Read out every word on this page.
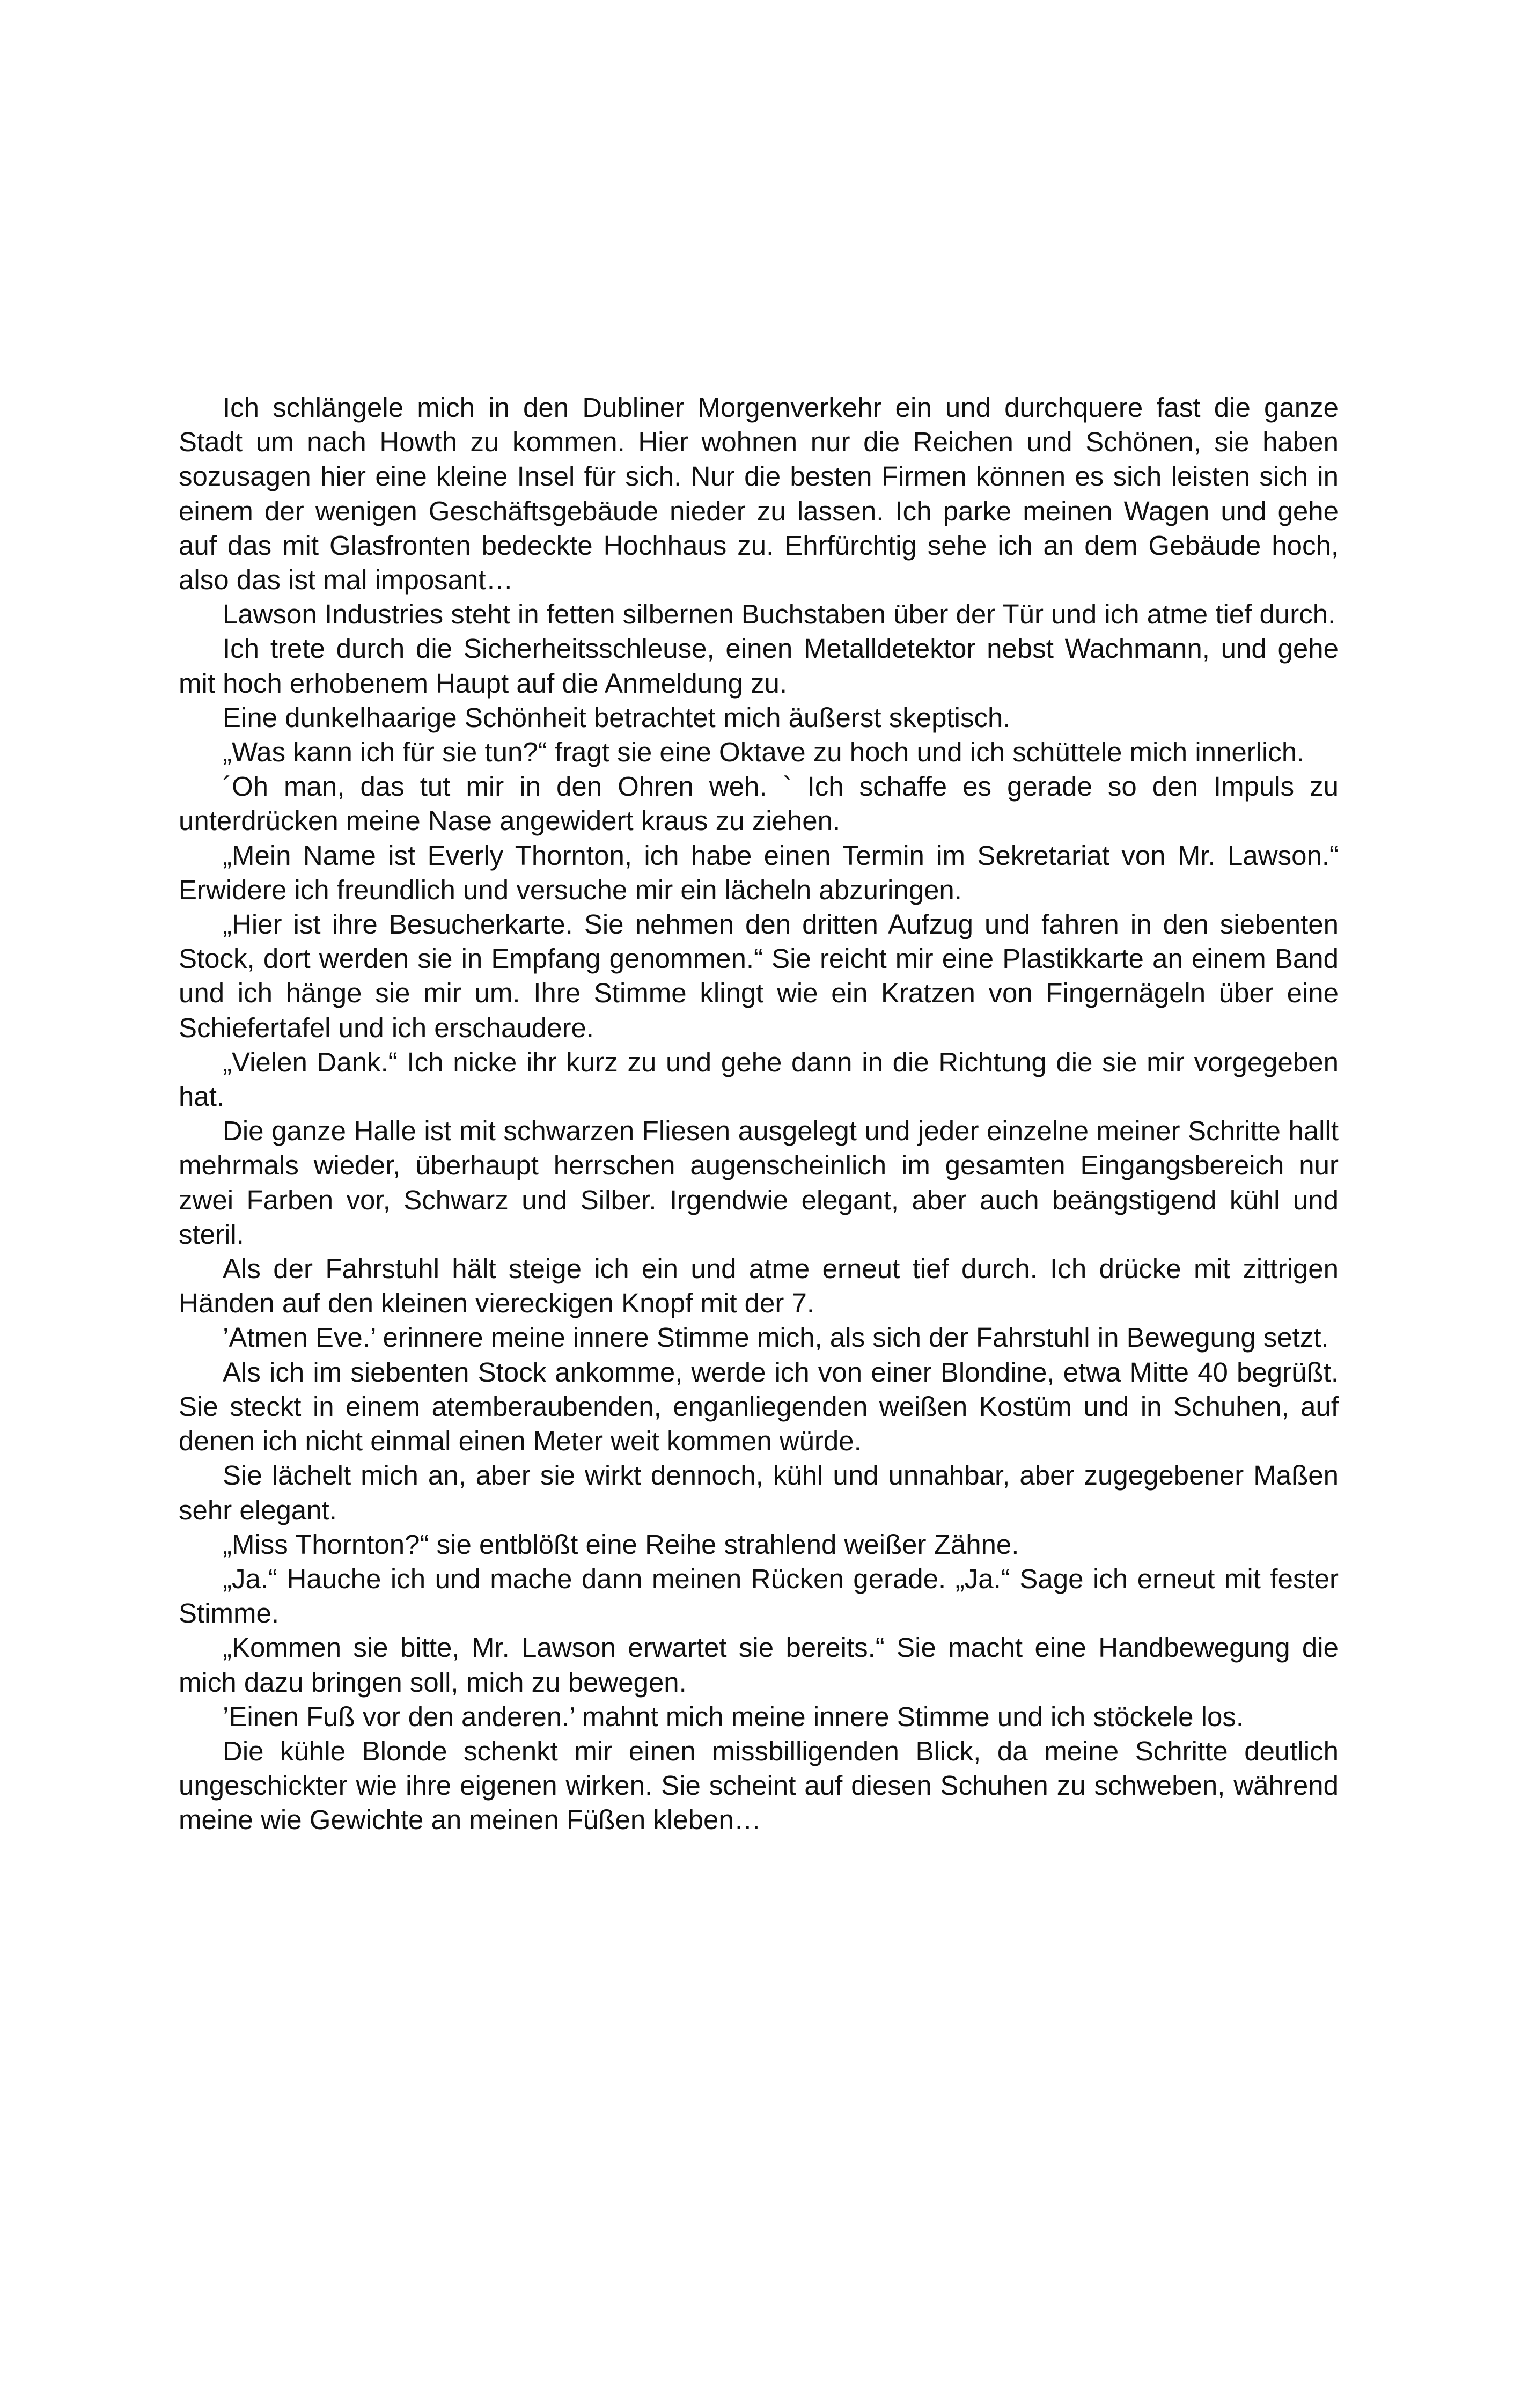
Ich schlängele mich in den Dubliner Morgenverkehr ein und durchquere fast die ganze Stadt um nach Howth zu kommen. Hier wohnen nur die Reichen und Schönen, sie haben sozusagen hier eine kleine Insel für sich. Nur die besten Firmen können es sich leisten sich in einem der wenigen Geschäftsgebäude nieder zu lassen. Ich parke meinen Wagen und gehe auf das mit Glasfronten bedeckte Hochhaus zu. Ehrfürchtig sehe ich an dem Gebäude hoch, also das ist mal imposant…

Lawson Industries steht in fetten silbernen Buchstaben über der Tür und ich atme tief durch.

Ich trete durch die Sicherheitsschleuse, einen Metalldetektor nebst Wachmann, und gehe mit hoch erhobenem Haupt auf die Anmeldung zu.

Eine dunkelhaarige Schönheit betrachtet mich äußerst skeptisch.

„Was kann ich für sie tun?“ fragt sie eine Oktave zu hoch und ich schüttele mich innerlich.

´Oh man, das tut mir in den Ohren weh. ` Ich schaffe es gerade so den Impuls zu unterdrücken meine Nase angewidert kraus zu ziehen.

„Mein Name ist Everly Thornton, ich habe einen Termin im Sekretariat von Mr. Lawson.“ Erwidere ich freundlich und versuche mir ein lächeln abzuringen.

„Hier ist ihre Besucherkarte. Sie nehmen den dritten Aufzug und fahren in den siebenten Stock, dort werden sie in Empfang genommen.“ Sie reicht mir eine Plastikkarte an einem Band und ich hänge sie mir um. Ihre Stimme klingt wie ein Kratzen von Fingernägeln über eine Schiefertafel und ich erschaudere.

„Vielen Dank.“ Ich nicke ihr kurz zu und gehe dann in die Richtung die sie mir vorgegeben hat.

Die ganze Halle ist mit schwarzen Fliesen ausgelegt und jeder einzelne meiner Schritte hallt mehrmals wieder, überhaupt herrschen augenscheinlich im gesamten Eingangsbereich nur zwei Farben vor, Schwarz und Silber. Irgendwie elegant, aber auch beängstigend kühl und steril.

Als der Fahrstuhl hält steige ich ein und atme erneut tief durch. Ich drücke mit zittrigen Händen auf den kleinen viereckigen Knopf mit der 7.

’Atmen Eve.’ erinnere meine innere Stimme mich, als sich der Fahrstuhl in Bewegung setzt.

Als ich im siebenten Stock ankomme, werde ich von einer Blondine, etwa Mitte 40 begrüßt. Sie steckt in einem atemberaubenden, enganliegenden weißen Kostüm und in Schuhen, auf denen ich nicht einmal einen Meter weit kommen würde.

Sie lächelt mich an, aber sie wirkt dennoch, kühl und unnahbar, aber zugegebener Maßen sehr elegant.

„Miss Thornton?“ sie entblößt eine Reihe strahlend weißer Zähne.

„Ja.“ Hauche ich und mache dann meinen Rücken gerade. „Ja.“ Sage ich erneut mit fester Stimme.

„Kommen sie bitte, Mr. Lawson erwartet sie bereits.“ Sie macht eine Handbewegung die mich dazu bringen soll, mich zu bewegen.

’Einen Fuß vor den anderen.’ mahnt mich meine innere Stimme und ich stöckele los.

Die kühle Blonde schenkt mir einen missbilligenden Blick, da meine Schritte deutlich ungeschickter wie ihre eigenen wirken. Sie scheint auf diesen Schuhen zu schweben, während meine wie Gewichte an meinen Füßen kleben…
